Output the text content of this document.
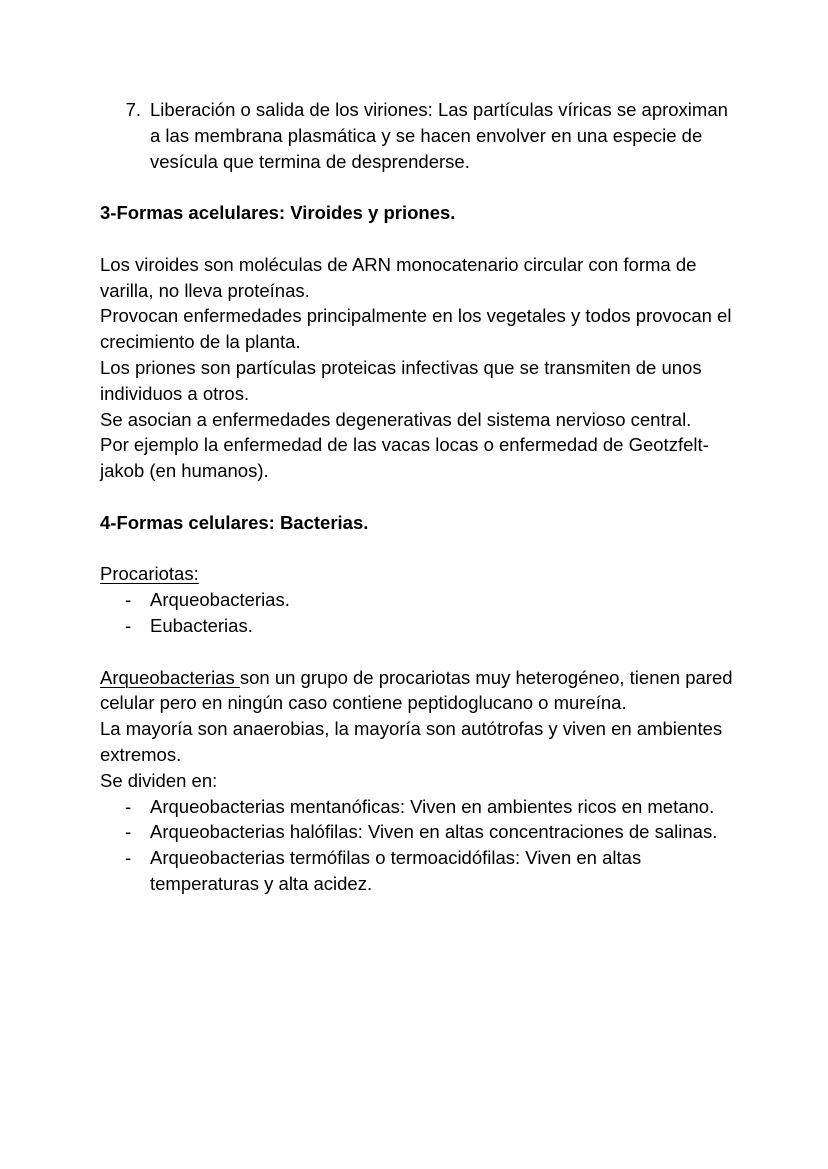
7. Liberación o salida de los viriones: Las partículas víricas se aproximan a las membrana plasmática y se hacen envolver en una especie de vesícula que termina de desprenderse.

3-Formas acelulares: Viroides y priones.

Los viroides son moléculas de ARN monocatenario circular con forma de varilla, no lleva proteínas.

Provocan enfermedades principalmente en los vegetales y todos provocan el crecimiento de la planta.

Los priones son partículas proteicas infectivas que se transmiten de unos individuos a otros.

Se asocian a enfermedades degenerativas del sistema nervioso central.

Por ejemplo la enfermedad de las vacas locas o enfermedad de Geotzfelt-jakob (en humanos).

4-Formas celulares: Bacterias.

Procariotas:

-	Arqueobacterias.
-	Eubacterias.

Arqueobacterias son un grupo de procariotas muy heterogéneo, tienen pared celular pero en ningún caso contiene peptidoglucano o mureína.

La mayoría son anaerobias, la mayoría son autótrofas y viven en ambientes extremos.

Se dividen en:

-	Arqueobacterias mentanóficas: Viven en ambientes ricos en metano.
-	Arqueobacterias halófilas: Viven en altas concentraciones de salinas.
-	Arqueobacterias termófilas o termoacidófilas: Viven en altas temperaturas y alta acidez.
